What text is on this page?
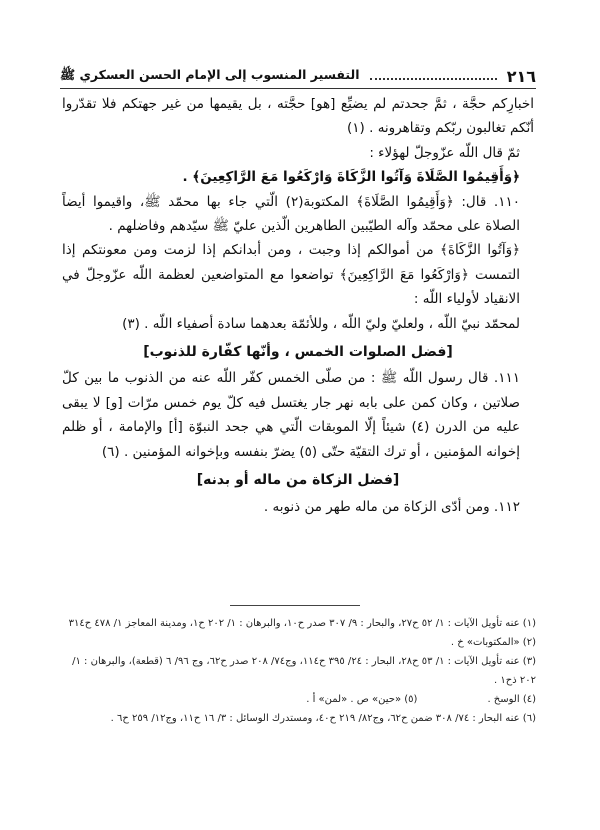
٢١٦
التفسير المنسوب إلى الإمام الحسن العسكري ﷺ

اخبارِكم حجَّة ، ثمَّ جحدتم لم يضيِّع [هو] حجَّته ، بل يقيمها من غير جهتكم فلا تقدّروا أنّكم تغالبون ربّكم وتقاهرونه . (١)

ثمّ قال اللّه عزّوجلّ لهؤلاء :

﴿وَأَقِيمُوا الصَّلَاةَ وَآتُوا الزَّكَاةَ وَارْكَعُوا مَعَ الرَّاكِعِينَ﴾ .

١١٠. قال: ﴿وَأَقِيمُوا الصَّلَاةَ﴾ المكتوبة(٢) الّتي جاء بها محمّد ﷺ، واقيموا أيضاً الصلاة على محمّد وآله الطيّبين الطاهرين الّذين عليّ ﷺ سيّدهم وفاضلهم .

﴿وَآتُوا الزَّكَاةَ﴾ من أموالكم إذا وجبت ، ومن أبدانكم إذا لزمت ومن معونتكم إذا التمست ﴿وَارْكَعُوا مَعَ الرَّاكِعِينَ﴾ تواضعوا مع المتواضعين لعظمة اللّه عزّوجلّ في الانقياد لأولياء اللّه :

لمحمّد نبيّ اللّه ، ولعليّ وليّ اللّه ، وللأئمّة بعدهما سادة أصفياء اللّه . (٣)

[فضل الصلوات الخمس ، وأنّها كفّارة للذنوب]

١١١. قال رسول اللّه ﷺ : من صلّى الخمس كفّر اللّه عنه من الذنوب ما بين كلّ صلاتين ، وكان كمن على بابه نهر جار يغتسل فيه كلّ يوم خمس مرّات [و] لا يبقى عليه من الدرن (٤) شيئاً إلّا الموبقات الّتي هي جحد النبوّة [أ] والإمامة ، أو ظلم إخوانه المؤمنين ، أو ترك التقيّة حتّى (٥) يضرّ بنفسه وبإخوانه المؤمنين . (٦)

[فضل الزكاة من ماله أو بدنه]

١١٢. ومن أدّى الزكاة من ماله طهر من ذنوبه .

(١) عنه تأويل الآيات : ١/ ٥٢ ح٢٧، والبحار : ٩/ ٣٠٧ صدر ح١٠، والبرهان : ١/ ٢٠٢ ح١، ومدينة المعاجز ١/ ٤٧٨ ح٣١٤

(٢) «المكتوبات» خ .

(٣) عنه تأويل الآيات : ١/ ٥٣ ح٢٨، البحار : ٢٤/ ٣٩٥ ح١١٤، وج٧٤/ ٢٠٨ صدر ح٦٢، وج ٩٦/ ٦ (قطعة)، والبرهان : ١/ ٢٠٢ ذح١ .

(٤) الوسخ .
(٥) «حين» ص . «لمن» أ .

(٦) عنه البحار : ٧٤/ ٣٠٨ ضمن ح٦٢، وج٨٢/ ٢١٩ ح٤٠، ومستدرك الوسائل : ٣/ ١٦ ح١١، وج١٢/ ٢٥٩ ح٦ .
